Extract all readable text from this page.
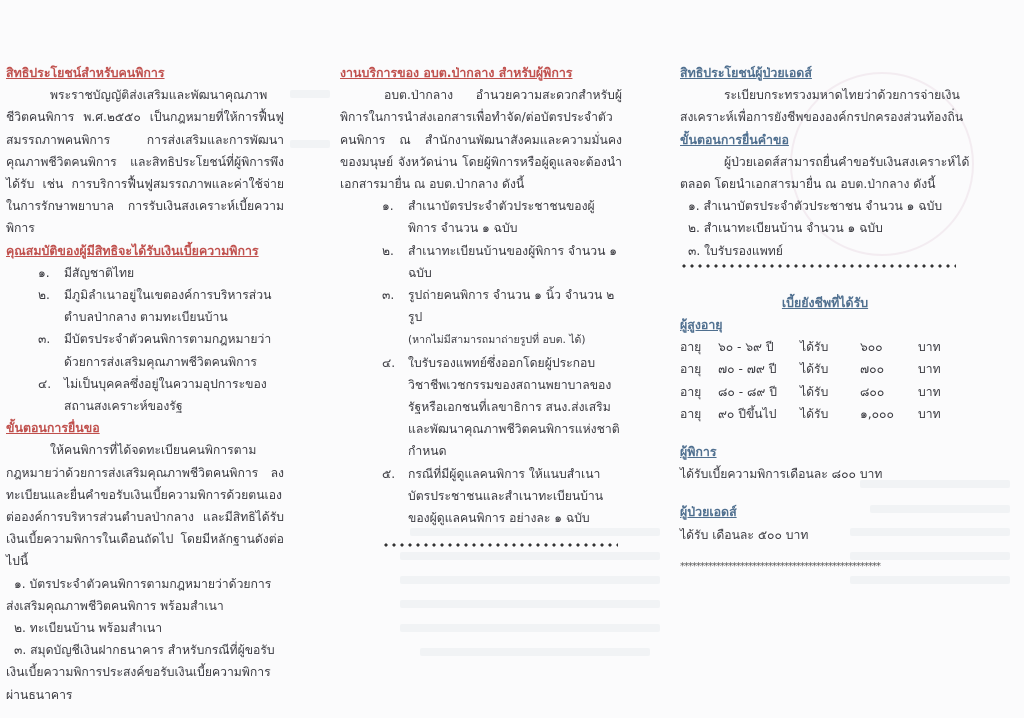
สิทธิประโยชน์สำหรับคนพิการ

พระราชบัญญัติส่งเสริมและพัฒนาคุณภาพชีวิตคนพิการ พ.ศ.๒๕๕๐ เป็นกฎหมายที่ให้การฟื้นฟูสมรรถภาพคนพิการ การส่งเสริมและการพัฒนาคุณภาพชีวิตคนพิการ และสิทธิประโยชน์ที่ผู้พิการพึงได้รับ เช่น การบริการฟื้นฟูสมรรถภาพและค่าใช้จ่ายในการรักษาพยาบาล การรับเงินสงเคราะห์เบี้ยความพิการ

คุณสมบัติของผู้มีสิทธิจะได้รับเงินเบี้ยความพิการ
๑.	มีสัญชาติไทย
๒.	มีภูมิลำเนาอยู่ในเขตองค์การบริหารส่วนตำบลป่ากลาง ตามทะเบียนบ้าน
๓.	มีบัตรประจำตัวคนพิการตามกฎหมายว่าด้วยการส่งเสริมคุณภาพชีวิตคนพิการ
๔.	ไม่เป็นบุคคลซึ่งอยู่ในความอุปการะของสถานสงเคราะห์ของรัฐ
ขั้นตอนการยื่นขอ

ให้คนพิการที่ได้จดทะเบียนคนพิการตามกฎหมายว่าด้วยการส่งเสริมคุณภาพชีวิตคนพิการ ลงทะเบียนและยื่นคำขอรับเงินเบี้ยความพิการด้วยตนเองต่อองค์การบริหารส่วนตำบลป่ากลาง และมีสิทธิได้รับเงินเบี้ยความพิการในเดือนถัดไป โดยมีหลักฐานดังต่อไปนี้

๑. บัตรประจำตัวคนพิการตามกฎหมายว่าด้วยการส่งเสริมคุณภาพชีวิตคนพิการ พร้อมสำเนา

๒. ทะเบียนบ้าน พร้อมสำเนา

๓. สมุดบัญชีเงินฝากธนาคาร สำหรับกรณีที่ผู้ขอรับเงินเบี้ยความพิการประสงค์ขอรับเงินเบี้ยความพิการผ่านธนาคาร

งานบริการของ อบต.ป่ากลาง สำหรับผู้พิการ

อบต.ป่ากลาง อำนวยความสะดวกสำหรับผู้พิการในการนำส่งเอกสารเพื่อทำจัด/ต่อบัตรประจำตัวคนพิการ ณ สำนักงานพัฒนาสังคมและความมั่นคงของมนุษย์ จังหวัดน่าน โดยผู้พิการหรือผู้ดูแลจะต้องนำเอกสารมายื่น ณ อบต.ป่ากลาง ดังนี้

๑.	สำเนาบัตรประจำตัวประชาชนของผู้พิการ จำนวน ๑ ฉบับ
๒.	สำเนาทะเบียนบ้านของผู้พิการ จำนวน ๑ ฉบับ
๓.	รูปถ่ายคนพิการ จำนวน ๑ นิ้ว จำนวน ๒ รูป
(หากไม่มีสามารถมาถ่ายรูปที่ อบต. ได้)
๔.	ใบรับรองแพทย์ซึ่งออกโดยผู้ประกอบวิชาชีพเวชกรรมของสถานพยาบาลของรัฐหรือเอกชนที่เลขาธิการ สนง.ส่งเสริมและพัฒนาคุณภาพชีวิตคนพิการแห่งชาติกำหนด
๕.	กรณีที่มีผู้ดูแลคนพิการ ให้แนบสำเนาบัตรประชาชนและสำเนาทะเบียนบ้านของผู้ดูแลคนพิการ อย่างละ ๑ ฉบับ
สิทธิประโยชน์ผู้ป่วยเอดส์

ระเบียบกระทรวงมหาดไทยว่าด้วยการจ่ายเงินสงเคราะห์เพื่อการยังชีพขององค์กรปกครองส่วนท้องถิ่น

ขั้นตอนการยื่นคำขอ

ผู้ป่วยเอดส์สามารถยื่นคำขอรับเงินสงเคราะห์ได้ตลอด โดยนำเอกสารมายื่น ณ อบต.ป่ากลาง ดังนี้

๑. สำเนาบัตรประจำตัวประชาชน จำนวน ๑ ฉบับ

๒. สำเนาทะเบียนบ้าน จำนวน ๑ ฉบับ

๓. ใบรับรองแพทย์

เบี้ยยังชีพที่ได้รับ
ผู้สูงอายุ
อายุ	๖๐ - ๖๙ ปี	ได้รับ	๖๐๐	บาท
อายุ	๗๐ - ๗๙ ปี	ได้รับ	๗๐๐	บาท
อายุ	๘๐ - ๘๙ ปี	ได้รับ	๘๐๐	บาท
อายุ	๙๐ ปีขึ้นไป	ได้รับ	๑,๐๐๐	บาท
ผู้พิการ

ได้รับเบี้ยความพิการเดือนละ ๘๐๐ บาท

ผู้ป่วยเอดส์

ได้รับ เดือนละ ๕๐๐ บาท

**************************************************
